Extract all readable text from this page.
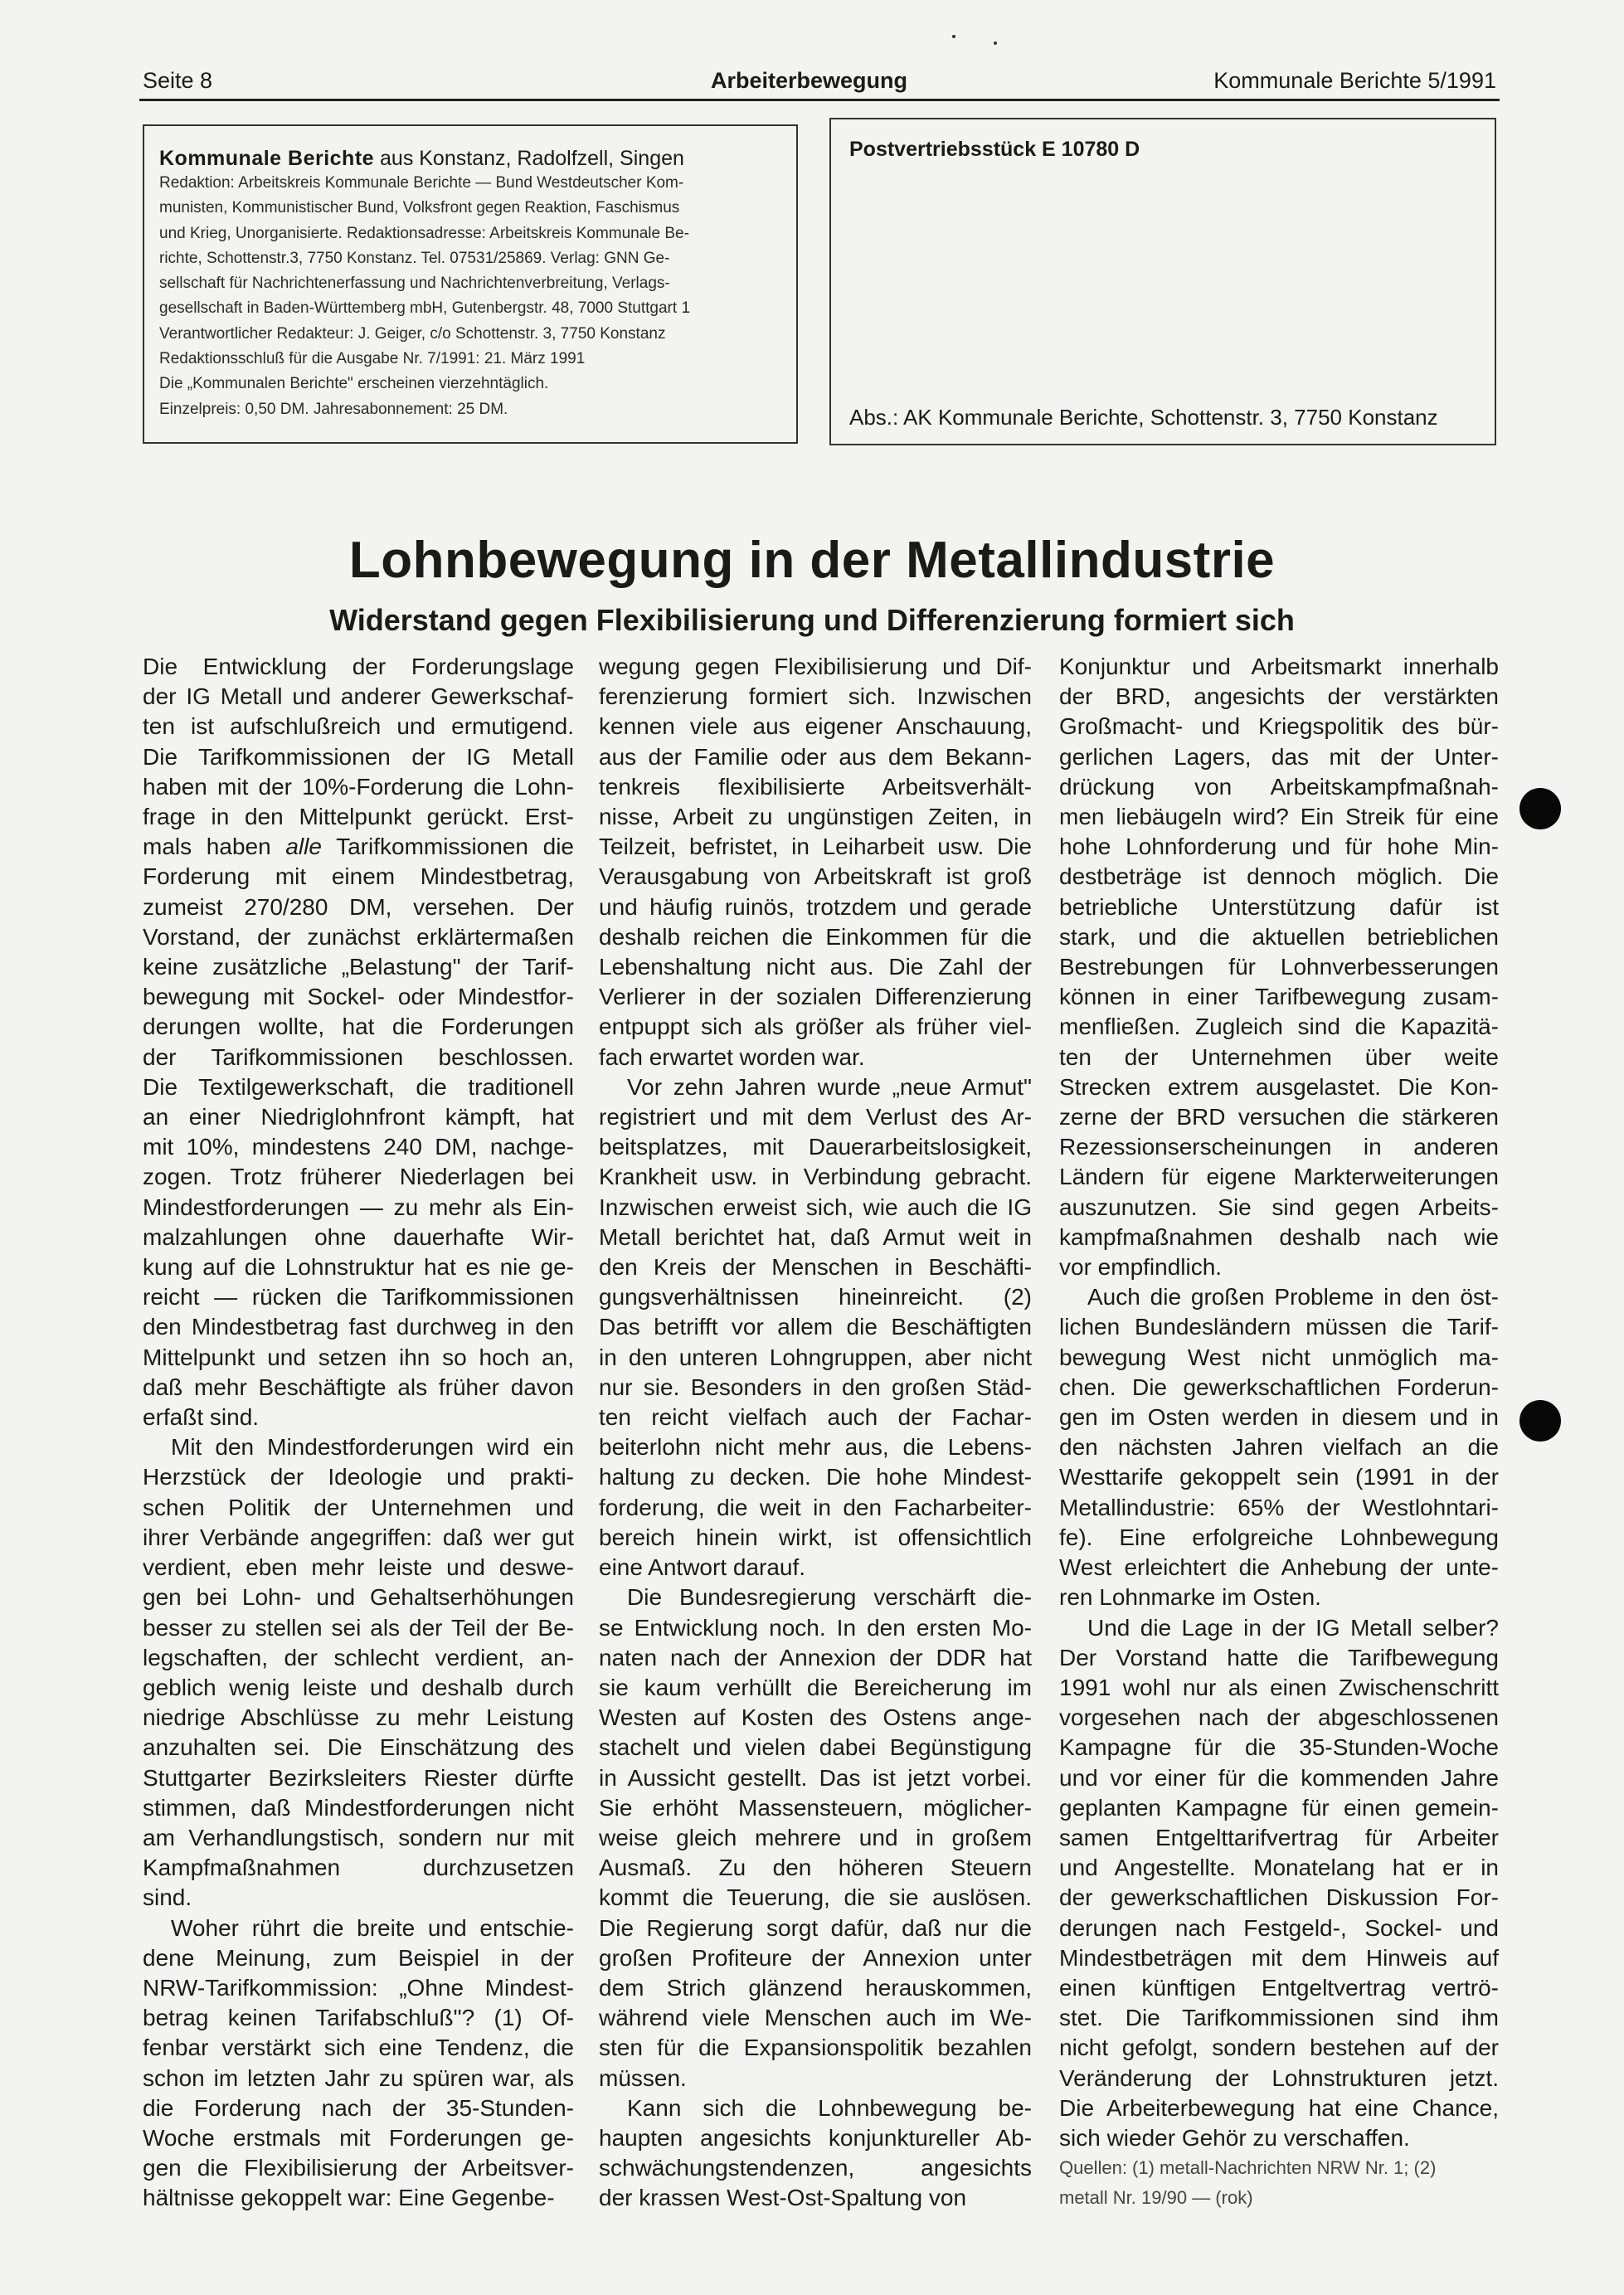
Seite 8	Arbeiterbewegung	Kommunale Berichte 5/1991
Kommunale Berichte aus Konstanz, Radolfzell, Singen
Redaktion: Arbeitskreis Kommunale Berichte — Bund Westdeutscher Kom-
munisten, Kommunistischer Bund, Volksfront gegen Reaktion, Faschismus
und Krieg, Unorganisierte. Redaktionsadresse: Arbeitskreis Kommunale Be-
richte, Schottenstr.3, 7750 Konstanz. Tel. 07531/25869. Verlag: GNN Ge-
sellschaft für Nachrichtenerfassung und Nachrichtenverbreitung, Verlags-
gesellschaft in Baden-Württemberg mbH, Gutenbergstr. 48, 7000 Stuttgart 1
Verantwortlicher Redakteur: J. Geiger, c/o Schottenstr. 3, 7750 Konstanz
Redaktionsschluß für die Ausgabe Nr. 7/1991: 21. März 1991
Die „Kommunalen Berichte" erscheinen vierzehntäglich.
Einzelpreis: 0,50 DM. Jahresabonnement: 25 DM.
Postvertriebsstück E 10780 D
Abs.: AK Kommunale Berichte, Schottenstr. 3, 7750 Konstanz
Lohnbewegung in der Metallindustrie
Widerstand gegen Flexibilisierung und Differenzierung formiert sich
Die Entwicklung der Forderungslage
der IG Metall und anderer Gewerkschaf-
ten ist aufschlußreich und ermutigend.
Die Tarifkommissionen der IG Metall
haben mit der 10%-Forderung die Lohn-
frage in den Mittelpunkt gerückt. Erst-
mals haben alle Tarifkommissionen die
Forderung mit einem Mindestbetrag,
zumeist 270/280 DM, versehen. Der
Vorstand, der zunächst erklärtermaßen
keine zusätzliche „Belastung" der Tarif-
bewegung mit Sockel- oder Mindestfor-
derungen wollte, hat die Forderungen
der Tarifkommissionen beschlossen.
Die Textilgewerkschaft, die traditionell
an einer Niedriglohnfront kämpft, hat
mit 10%, mindestens 240 DM, nachge-
zogen. Trotz früherer Niederlagen bei
Mindestforderungen — zu mehr als Ein-
malzahlungen ohne dauerhafte Wir-
kung auf die Lohnstruktur hat es nie ge-
reicht — rücken die Tarifkommissionen
den Mindestbetrag fast durchweg in den
Mittelpunkt und setzen ihn so hoch an,
daß mehr Beschäftigte als früher davon
erfaßt sind.
Mit den Mindestforderungen wird ein
Herzstück der Ideologie und prakti-
schen Politik der Unternehmen und
ihrer Verbände angegriffen: daß wer gut
verdient, eben mehr leiste und deswe-
gen bei Lohn- und Gehaltserhöhungen
besser zu stellen sei als der Teil der Be-
legschaften, der schlecht verdient, an-
geblich wenig leiste und deshalb durch
niedrige Abschlüsse zu mehr Leistung
anzuhalten sei. Die Einschätzung des
Stuttgarter Bezirksleiters Riester dürfte
stimmen, daß Mindestforderungen nicht
am Verhandlungstisch, sondern nur mit
Kampfmaßnahmen durchzusetzen
sind.
Woher rührt die breite und entschie-
dene Meinung, zum Beispiel in der
NRW-Tarifkommission: „Ohne Mindest-
betrag keinen Tarifabschluß"? (1) Of-
fenbar verstärkt sich eine Tendenz, die
schon im letzten Jahr zu spüren war, als
die Forderung nach der 35-Stunden-
Woche erstmals mit Forderungen ge-
gen die Flexibilisierung der Arbeitsver-
hältnisse gekoppelt war: Eine Gegenbe-
wegung gegen Flexibilisierung und Dif-
ferenzierung formiert sich. Inzwischen
kennen viele aus eigener Anschauung,
aus der Familie oder aus dem Bekann-
tenkreis flexibilisierte Arbeitsverhält-
nisse, Arbeit zu ungünstigen Zeiten, in
Teilzeit, befristet, in Leiharbeit usw. Die
Verausgabung von Arbeitskraft ist groß
und häufig ruinös, trotzdem und gerade
deshalb reichen die Einkommen für die
Lebenshaltung nicht aus. Die Zahl der
Verlierer in der sozialen Differenzierung
entpuppt sich als größer als früher viel-
fach erwartet worden war.
Vor zehn Jahren wurde „neue Armut"
registriert und mit dem Verlust des Ar-
beitsplatzes, mit Dauerarbeitslosigkeit,
Krankheit usw. in Verbindung gebracht.
Inzwischen erweist sich, wie auch die IG
Metall berichtet hat, daß Armut weit in
den Kreis der Menschen in Beschäfti-
gungsverhältnissen hineinreicht. (2)
Das betrifft vor allem die Beschäftigten
in den unteren Lohngruppen, aber nicht
nur sie. Besonders in den großen Städ-
ten reicht vielfach auch der Fachar-
beiterlohn nicht mehr aus, die Lebens-
haltung zu decken. Die hohe Mindest-
forderung, die weit in den Facharbeiter-
bereich hinein wirkt, ist offensichtlich
eine Antwort darauf.
Die Bundesregierung verschärft die-
se Entwicklung noch. In den ersten Mo-
naten nach der Annexion der DDR hat
sie kaum verhüllt die Bereicherung im
Westen auf Kosten des Ostens ange-
stachelt und vielen dabei Begünstigung
in Aussicht gestellt. Das ist jetzt vorbei.
Sie erhöht Massensteuern, möglicher-
weise gleich mehrere und in großem
Ausmaß. Zu den höheren Steuern
kommt die Teuerung, die sie auslösen.
Die Regierung sorgt dafür, daß nur die
großen Profiteure der Annexion unter
dem Strich glänzend herauskommen,
während viele Menschen auch im We-
sten für die Expansionspolitik bezahlen
müssen.
Kann sich die Lohnbewegung be-
haupten angesichts konjunktureller Ab-
schwächungstendenzen, angesichts
der krassen West-Ost-Spaltung von
Konjunktur und Arbeitsmarkt innerhalb
der BRD, angesichts der verstärkten
Großmacht- und Kriegspolitik des bür-
gerlichen Lagers, das mit der Unter-
drückung von Arbeitskampfmaßnah-
men liebäugeln wird? Ein Streik für eine
hohe Lohnforderung und für hohe Min-
destbeträge ist dennoch möglich. Die
betriebliche Unterstützung dafür ist
stark, und die aktuellen betrieblichen
Bestrebungen für Lohnverbesserungen
können in einer Tarifbewegung zusam-
menfließen. Zugleich sind die Kapazitä-
ten der Unternehmen über weite
Strecken extrem ausgelastet. Die Kon-
zerne der BRD versuchen die stärkeren
Rezessionserscheinungen in anderen
Ländern für eigene Markterweiterungen
auszunutzen. Sie sind gegen Arbeits-
kampfmaßnahmen deshalb nach wie
vor empfindlich.
Auch die großen Probleme in den öst-
lichen Bundesländern müssen die Tarif-
bewegung West nicht unmöglich ma-
chen. Die gewerkschaftlichen Forderun-
gen im Osten werden in diesem und in
den nächsten Jahren vielfach an die
Westtarife gekoppelt sein (1991 in der
Metallindustrie: 65% der Westlohntari-
fe). Eine erfolgreiche Lohnbewegung
West erleichtert die Anhebung der unte-
ren Lohnmarke im Osten.
Und die Lage in der IG Metall selber?
Der Vorstand hatte die Tarifbewegung
1991 wohl nur als einen Zwischenschritt
vorgesehen nach der abgeschlossenen
Kampagne für die 35-Stunden-Woche
und vor einer für die kommenden Jahre
geplanten Kampagne für einen gemein-
samen Entgelttarifvertrag für Arbeiter
und Angestellte. Monatelang hat er in
der gewerkschaftlichen Diskussion For-
derungen nach Festgeld-, Sockel- und
Mindestbeträgen mit dem Hinweis auf
einen künftigen Entgeltvertrag vertrö-
stet. Die Tarifkommissionen sind ihm
nicht gefolgt, sondern bestehen auf der
Veränderung der Lohnstrukturen jetzt.
Die Arbeiterbewegung hat eine Chance,
sich wieder Gehör zu verschaffen.
Quellen: (1) metall-Nachrichten NRW Nr. 1; (2)
metall Nr. 19/90 — (rok)
